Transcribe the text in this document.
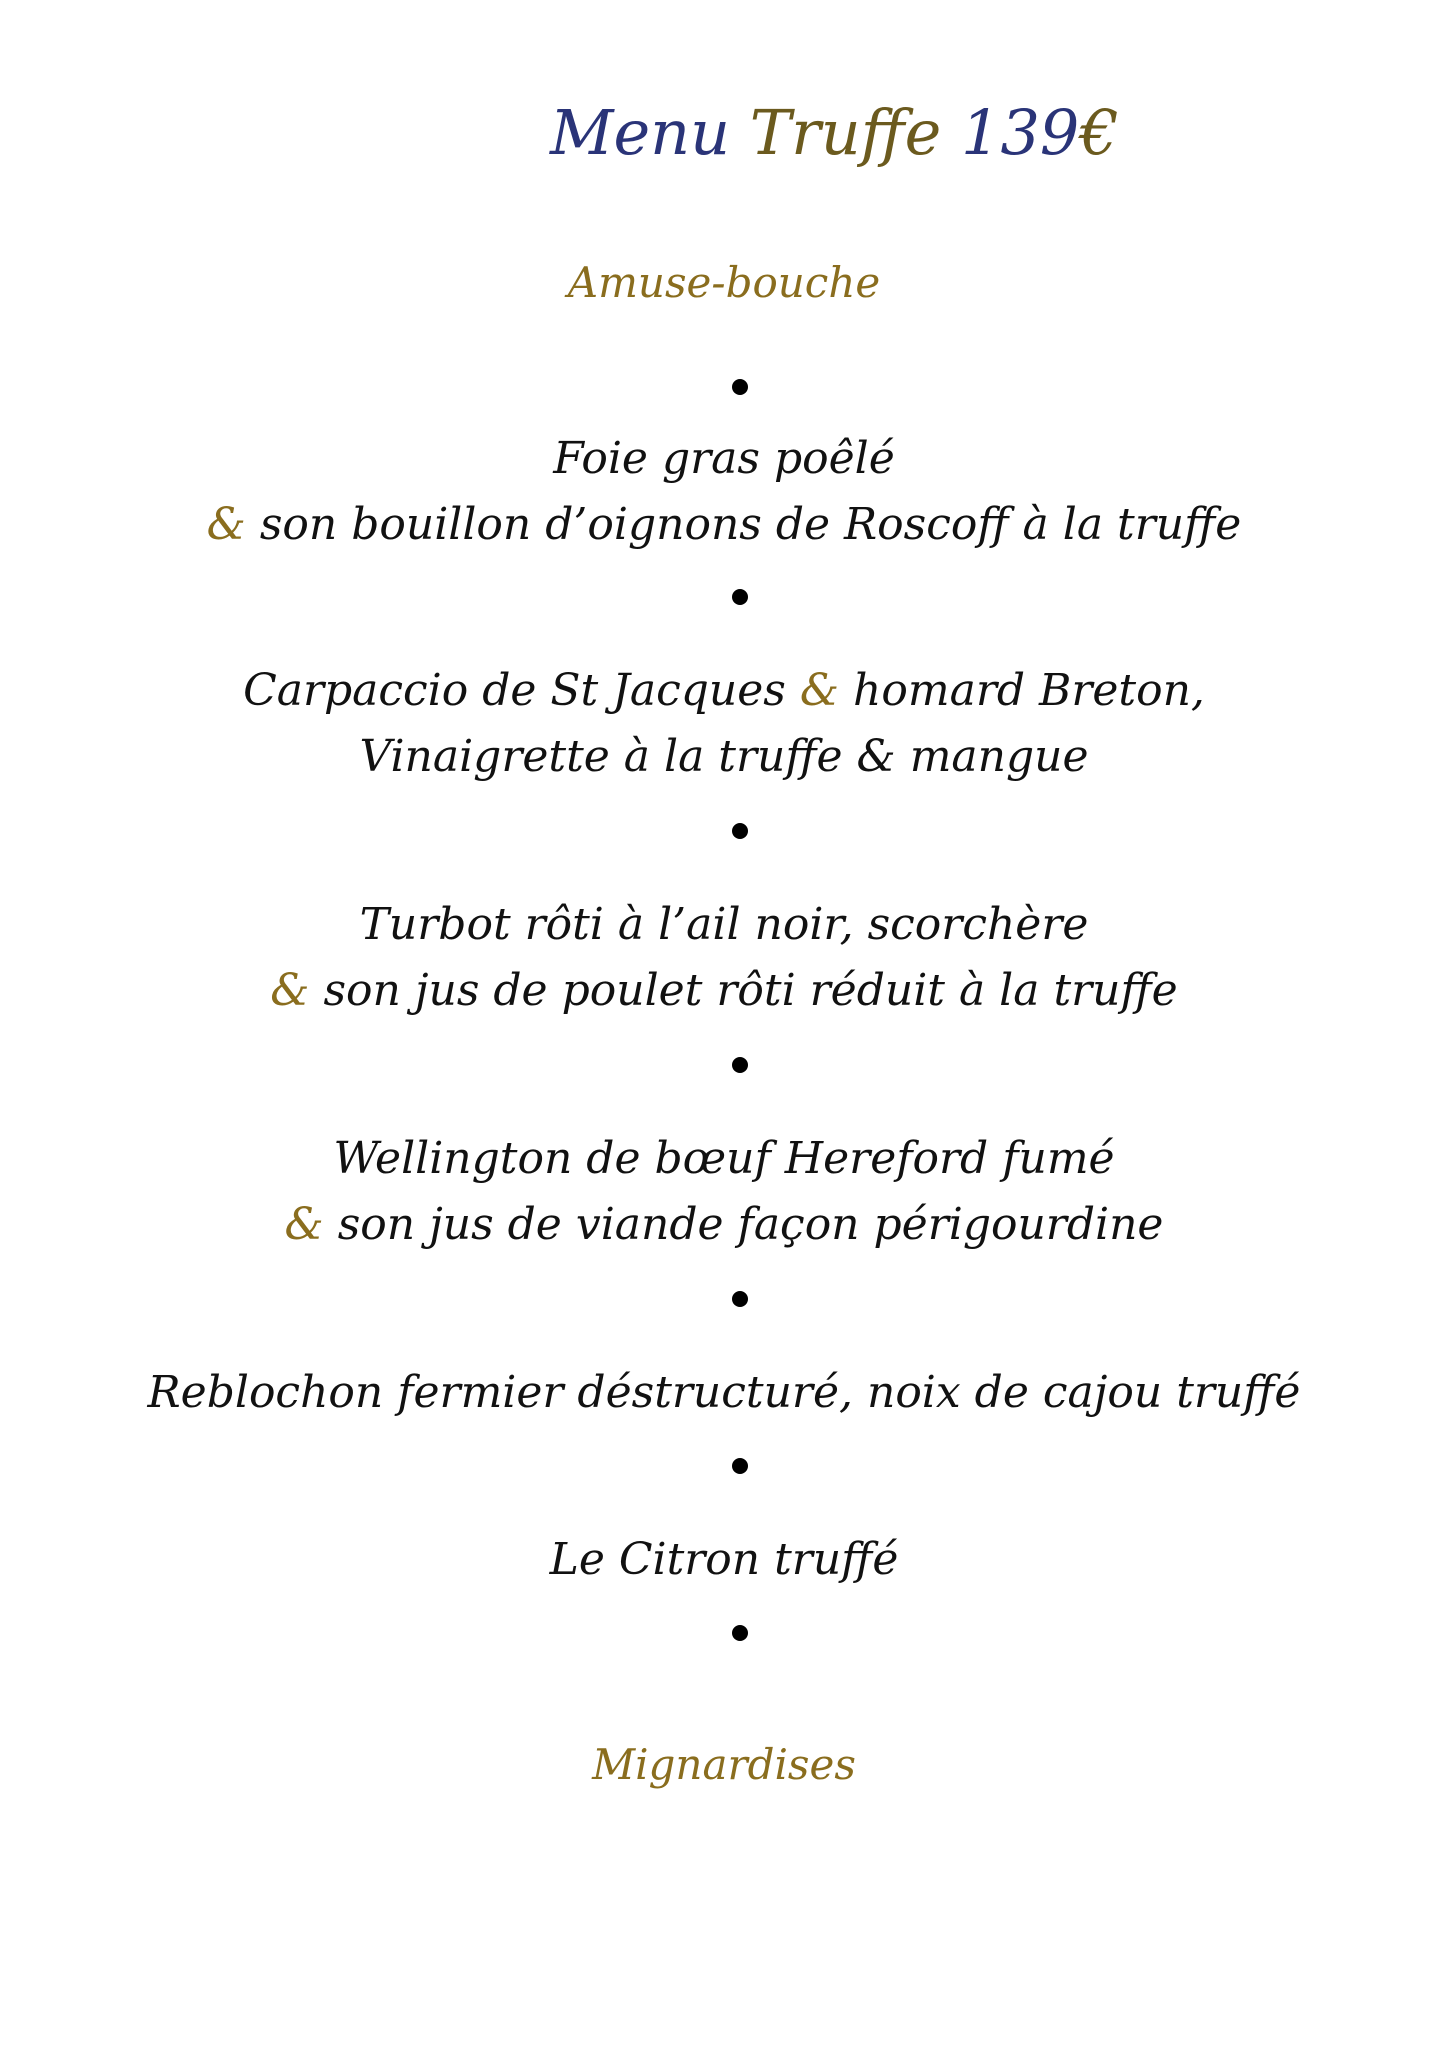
Menu Truffe 139€
Amuse-bouche
Foie gras poêlé
& son bouillon d’oignons de Roscoff à la truffe
Carpaccio de St Jacques & homard Breton,
Vinaigrette à la truffe & mangue
Turbot rôti à l’ail noir, scorchère
& son jus de poulet rôti réduit à la truffe
Wellington de bœuf Hereford fumé
& son jus de viande façon périgourdine
Reblochon fermier déstructuré, noix de cajou truffé
Le Citron truffé
Mignardises
